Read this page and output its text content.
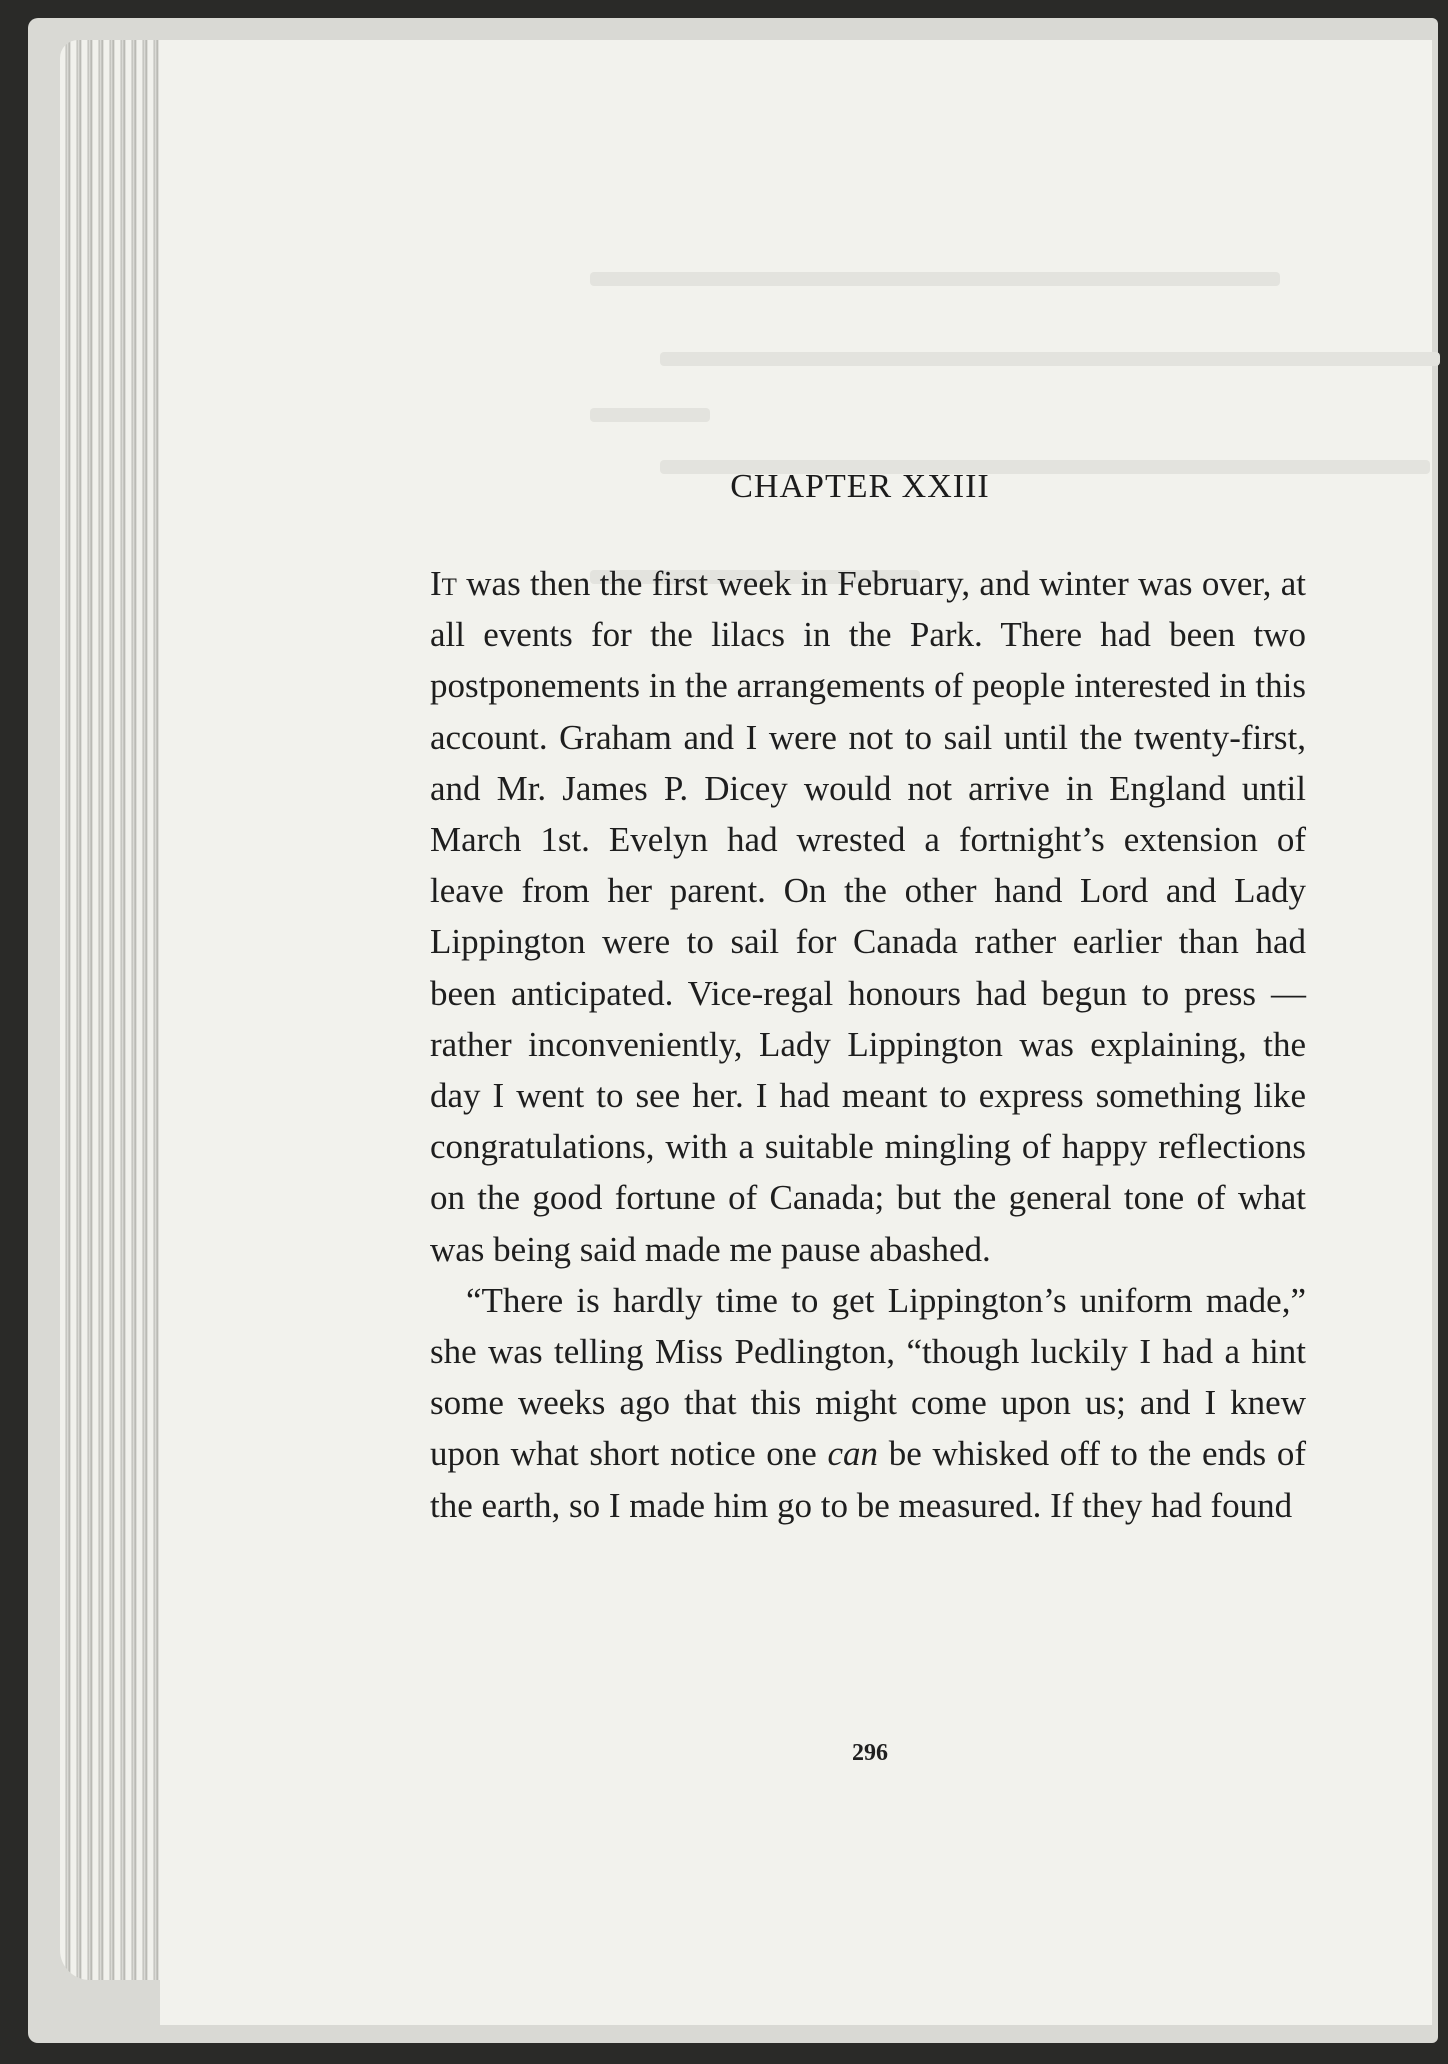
CHAPTER XXIII

It was then the first week in February, and winter was over, at all events for the lilacs in the Park. There had been two postponements in the arrangements of people interested in this account. Graham and I were not to sail until the twenty-first, and Mr. James P. Dicey would not arrive in England until March 1st. Evelyn had wrested a fortnight’s extension of leave from her parent. On the other hand Lord and Lady Lippington were to sail for Canada rather earlier than had been anticipated. Vice-regal honours had begun to press — rather inconveniently, Lady Lippington was explaining, the day I went to see her. I had meant to express something like congratulations, with a suitable mingling of happy reflections on the good fortune of Canada; but the general tone of what was being said made me pause abashed.

“There is hardly time to get Lippington’s uniform made,” she was telling Miss Pedlington, “though luckily I had a hint some weeks ago that this might come upon us; and I knew upon what short notice one can be whisked off to the ends of the earth, so I made him go to be measured. If they had found

296
